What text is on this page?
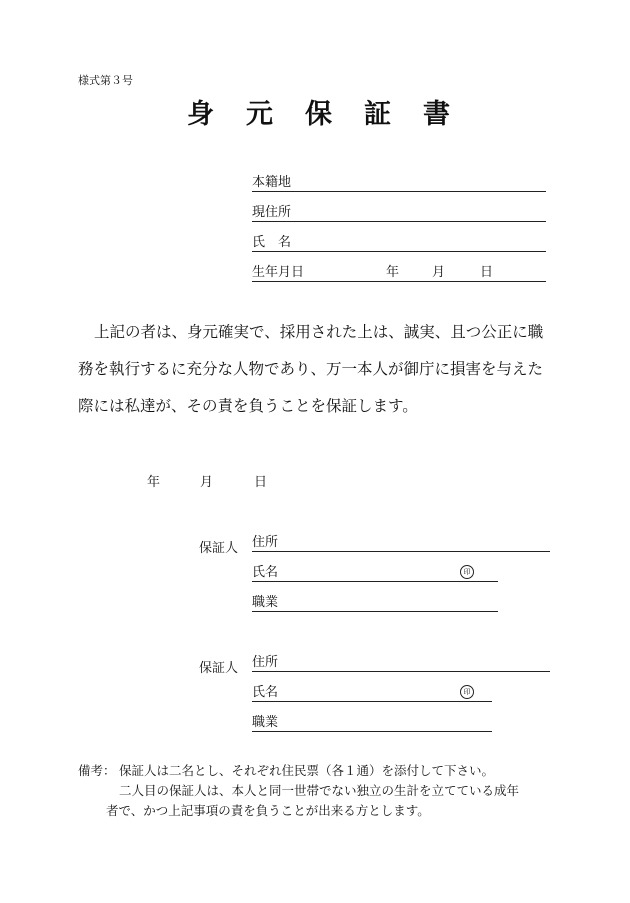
様式第３号
身元保証書
本籍地
現住所
氏　名
生年月日	年	月	日

上記の者は、身元確実で、採用された上は、誠実、且つ公正に職

務を執行するに充分な人物であり、万一本人が御庁に損害を与えた

際には私達が、その責を負うことを保証します。

年	月	日
保証人 住所
氏名	印
職業
保証人 住所
氏名	印
職業
備考： 保証人は二名とし、それぞれ住民票（各１通）を添付して下さい。
二人目の保証人は、本人と同一世帯でない独立の生計を立てている成年
者で、かつ上記事項の責を負うことが出来る方とします。
